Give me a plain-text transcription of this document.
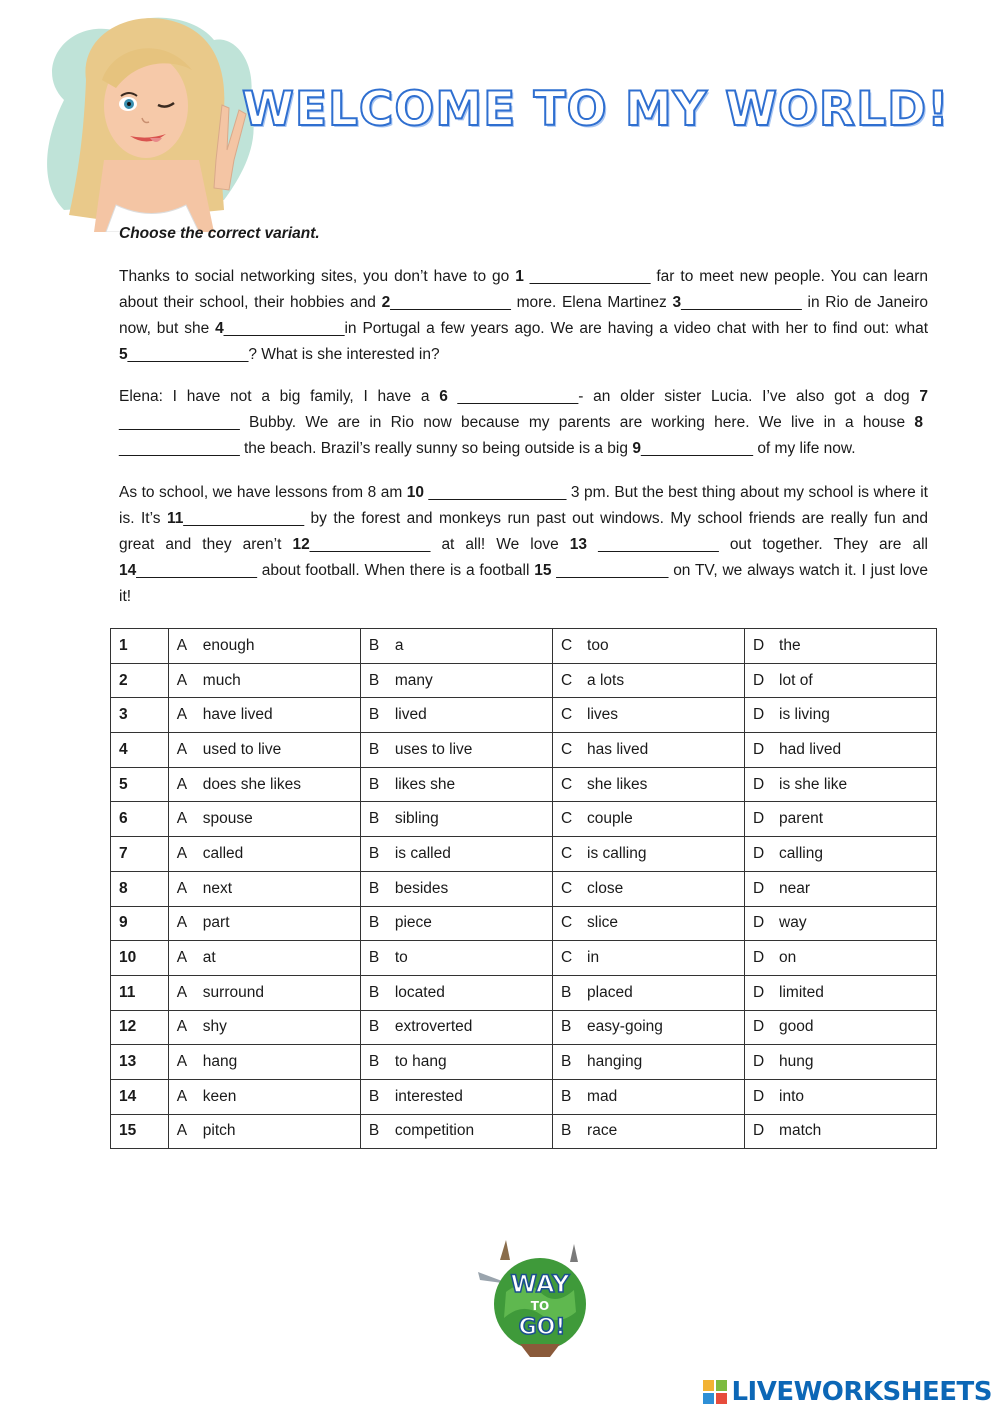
WELCOME TO MY WORLD!
Choose the correct variant.

Thanks to social networking sites, you don’t have to go 1 ______________ far to meet new people. You can learn about their school, their hobbies and 2______________ more. Elena Martinez 3______________ in Rio de Janeiro now, but she 4______________in Portugal a few years ago. We are having a video chat with her to find out: what 5______________? What is she interested in?

Elena: I have not a big family, I have a 6 ______________- an older sister Lucia. I’ve also got a dog 7 ______________ Bubby. We are in Rio now because my parents are working here. We live in a house 8 ______________ the beach. Brazil’s really sunny so being outside is a big 9_____________ of my life now.

As to school, we have lessons from 8 am 10 ________________ 3 pm. But the best thing about my school is where it is. It’s 11______________ by the forest and monkeys run past out windows. My school friends are really fun and great and they aren’t 12______________ at all! We love 13 ______________ out together. They are all 14______________ about football. When there is a football 15 _____________ on TV, we always watch it. I just love it!

1	A enough	B a	C too	D the
2	A much	B many	C a lots	D lot of
3	A have lived	B lived	C lives	D is living
4	A used to live	B uses to live	C has lived	D had lived
5	A does she likes	B likes she	C she likes	D is she like
6	A spouse	B sibling	C couple	D parent
7	A called	B is called	C is calling	D calling
8	A next	B besides	C close	D near
9	A part	B piece	C slice	D way
10	A at	B to	C in	D on
11	A surround	B located	B placed	D limited
12	A shy	B extroverted	B easy-going	D good
13	A hang	B to hang	B hanging	D hung
14	A keen	B interested	B mad	D into
15	A pitch	B competition	B race	D match
WAY
TO
GO!
LIVEWORKSHEETS
